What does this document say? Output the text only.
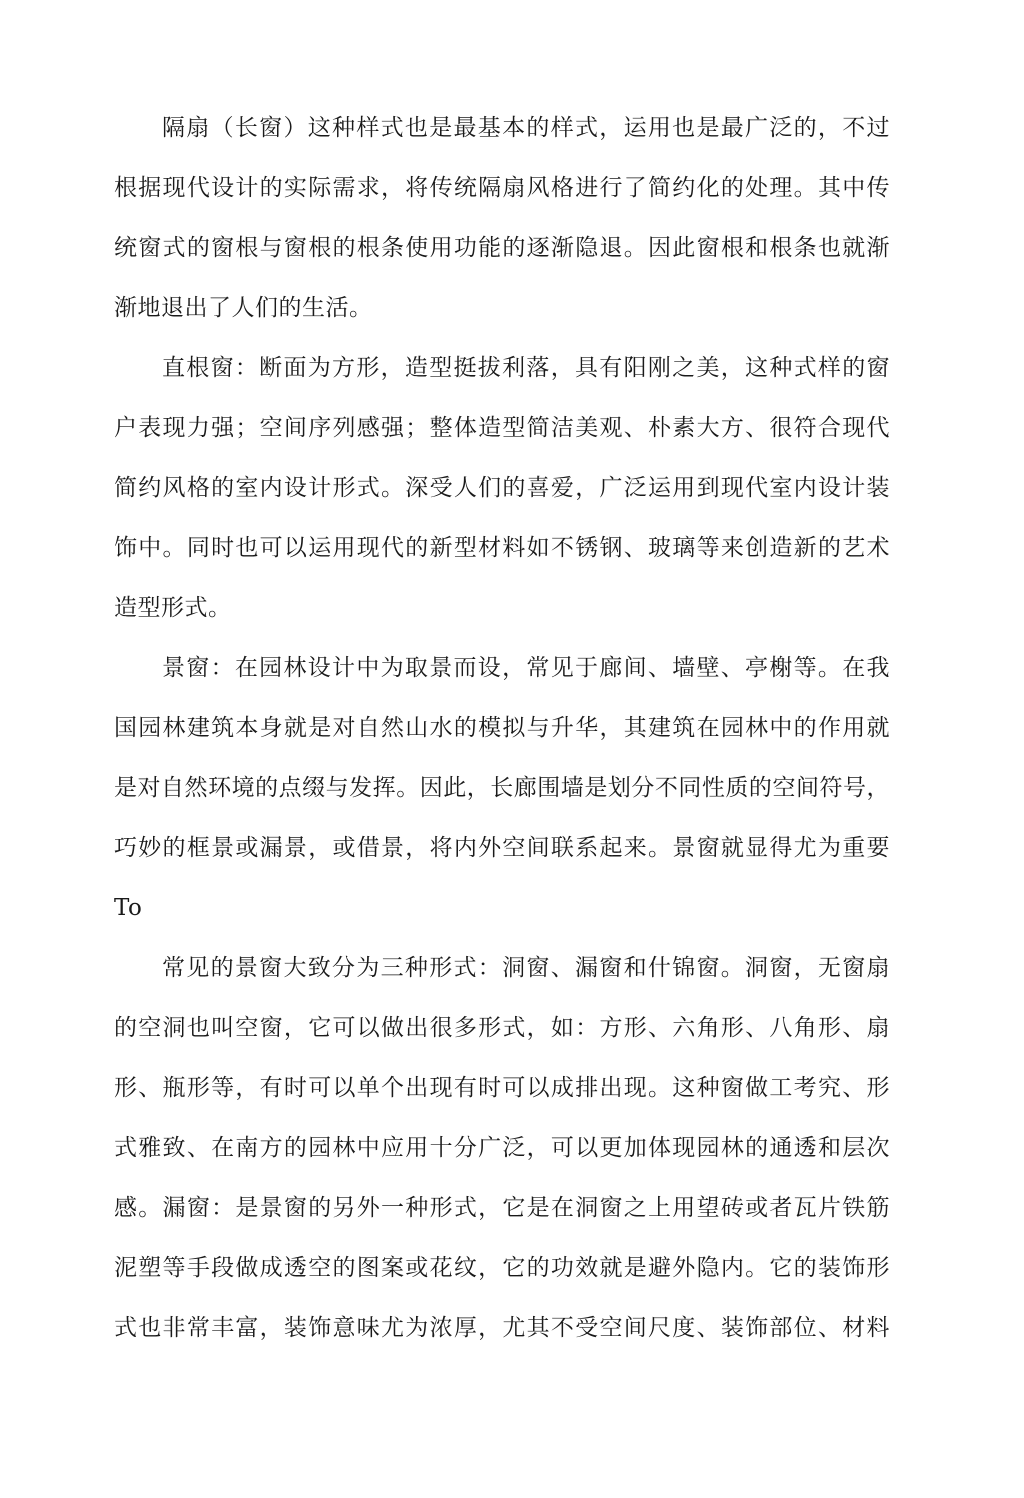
隔扇（长窗）这种样式也是最基本的样式，运用也是最广泛的，不过
根据现代设计的实际需求，将传统隔扇风格进行了简约化的处理。其中传
统窗式的窗根与窗根的根条使用功能的逐渐隐退。因此窗根和根条也就渐
渐地退出了人们的生活。
直根窗：断面为方形，造型挺拔利落，具有阳刚之美，这种式样的窗
户表现力强；空间序列感强；整体造型简洁美观、朴素大方、很符合现代
简约风格的室内设计形式。深受人们的喜爱，广泛运用到现代室内设计装
饰中。同时也可以运用现代的新型材料如不锈钢、玻璃等来创造新的艺术
造型形式。
景窗：在园林设计中为取景而设，常见于廊间、墙壁、亭榭等。在我
国园林建筑本身就是对自然山水的模拟与升华，其建筑在园林中的作用就
是对自然环境的点缀与发挥。因此，长廊围墙是划分不同性质的空间符号，
巧妙的框景或漏景，或借景，将内外空间联系起来。景窗就显得尤为重要
To
常见的景窗大致分为三种形式：洞窗、漏窗和什锦窗。洞窗，无窗扇
的空洞也叫空窗，它可以做出很多形式，如：方形、六角形、八角形、扇
形、瓶形等，有时可以单个出现有时可以成排出现。这种窗做工考究、形
式雅致、在南方的园林中应用十分广泛，可以更加体现园林的通透和层次
感。漏窗：是景窗的另外一种形式，它是在洞窗之上用望砖或者瓦片铁筋
泥塑等手段做成透空的图案或花纹，它的功效就是避外隐内。它的装饰形
式也非常丰富，装饰意味尤为浓厚，尤其不受空间尺度、装饰部位、材料
